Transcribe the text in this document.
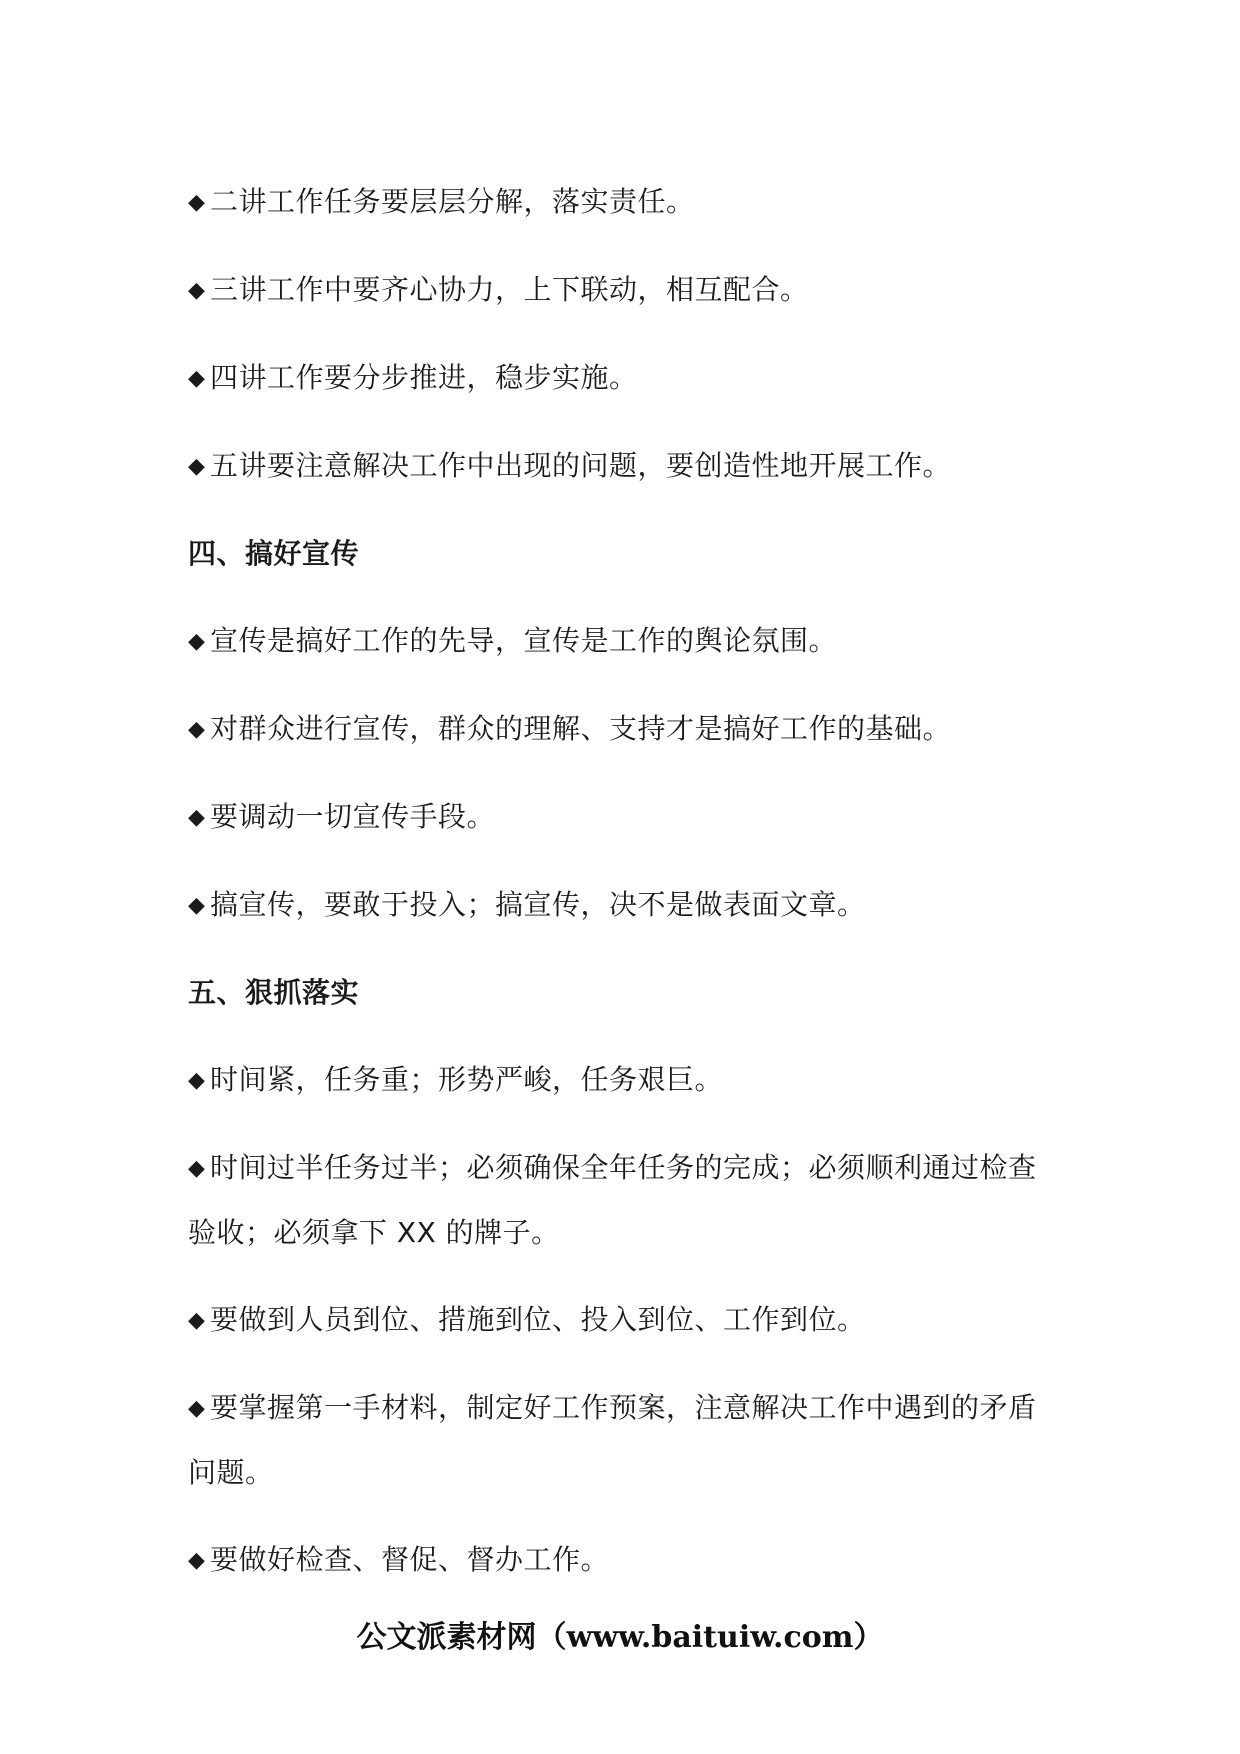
◆ 二讲工作任务要层层分解，落实责任。

◆ 三讲工作中要齐心协力，上下联动，相互配合。

◆ 四讲工作要分步推进，稳步实施。

◆ 五讲要注意解决工作中出现的问题，要创造性地开展工作。

四、搞好宣传

◆ 宣传是搞好工作的先导，宣传是工作的舆论氛围。

◆ 对群众进行宣传，群众的理解、支持才是搞好工作的基础。

◆ 要调动一切宣传手段。

◆ 搞宣传，要敢于投入；搞宣传，决不是做表面文章。

五、狠抓落实

◆ 时间紧，任务重；形势严峻，任务艰巨。

◆ 时间过半任务过半；必须确保全年任务的完成；必须顺利通过检查验收；必须拿下 XX 的牌子。

◆ 要做到人员到位、措施到位、投入到位、工作到位。

◆ 要掌握第一手材料，制定好工作预案，注意解决工作中遇到的矛盾问题。

◆ 要做好检查、督促、督办工作。

公文派素材网（www.baituiw.com）
